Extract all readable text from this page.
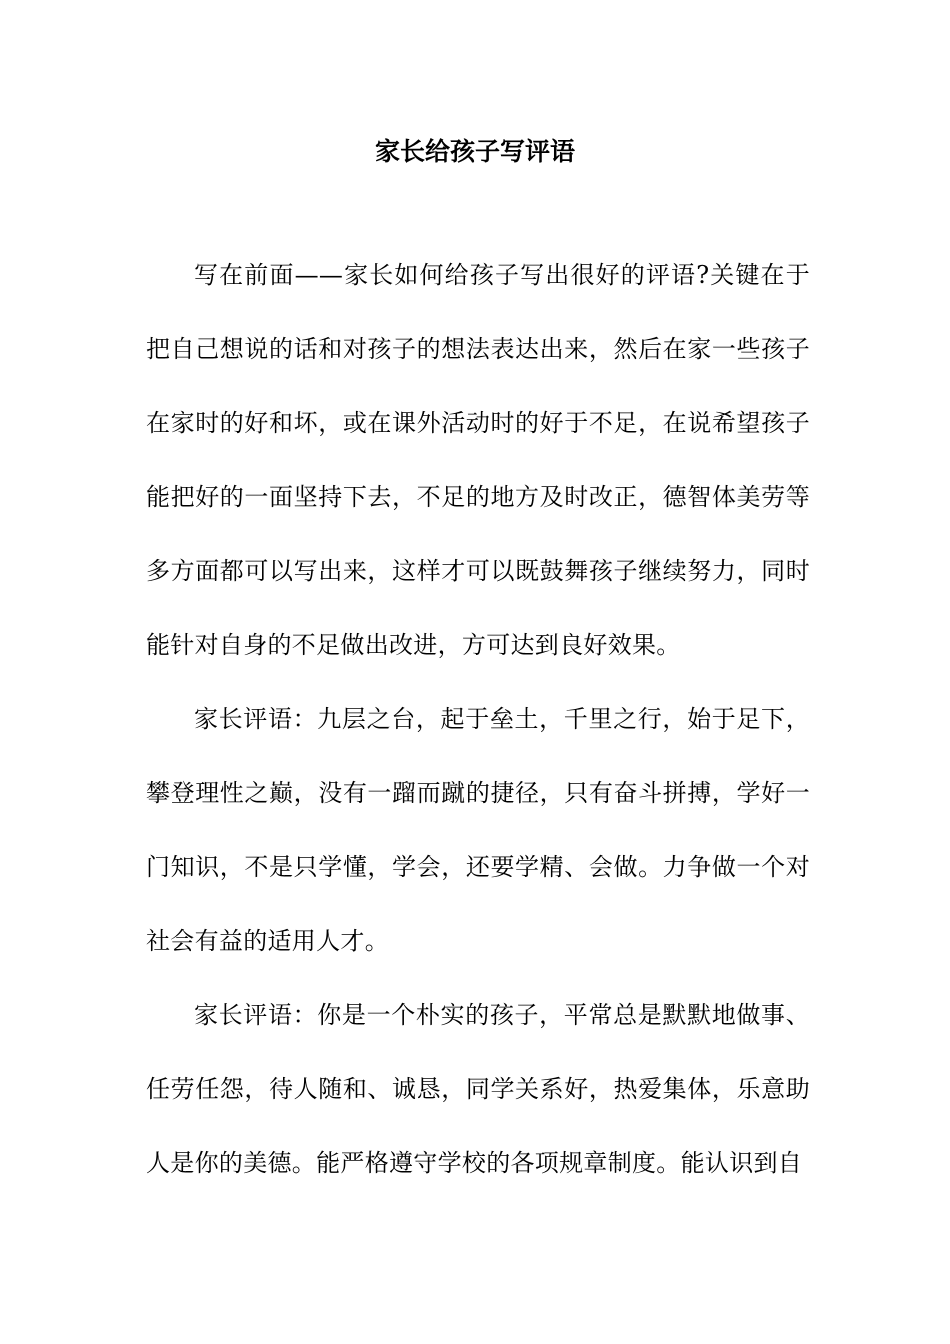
家长给孩子写评语

写在前面——家长如何给孩子写出很好的评语?关键在于把自己想说的话和对孩子的想法表达出来，然后在家一些孩子在家时的好和坏，或在课外活动时的好于不足，在说希望孩子能把好的一面坚持下去，不足的地方及时改正，德智体美劳等多方面都可以写出来，这样才可以既鼓舞孩子继续努力，同时能针对自身的不足做出改进，方可达到良好效果。

家长评语：九层之台，起于垒土，千里之行，始于足下，攀登理性之巅，没有一蹓而蹴的捷径，只有奋斗拼搏，学好一门知识，不是只学懂，学会，还要学精、会做。力争做一个对社会有益的适用人才。

家长评语：你是一个朴实的孩子，平常总是默默地做事、任劳任怨，待人随和、诚恳，同学关系好，热爱集体，乐意助人是你的美德。能严格遵守学校的各项规章制度。能认识到自
